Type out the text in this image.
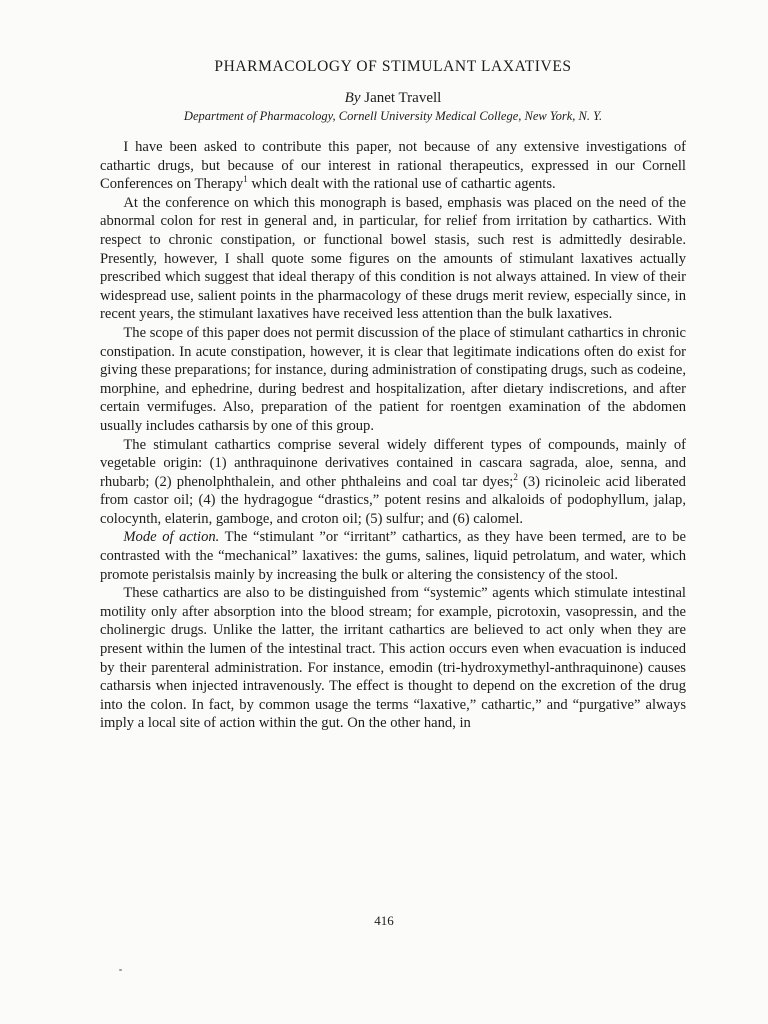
PHARMACOLOGY OF STIMULANT LAXATIVES
By Janet Travell
Department of Pharmacology, Cornell University Medical College, New York, N. Y.

I have been asked to contribute this paper, not because of any extensive investigations of cathartic drugs, but because of our interest in rational therapeutics, expressed in our Cornell Conferences on Therapy$^1$ which dealt with the rational use of cathartic agents.

At the conference on which this monograph is based, emphasis was placed on the need of the abnormal colon for rest in general and, in particular, for relief from irritation by cathartics. With respect to chronic constipation, or functional bowel stasis, such rest is admittedly desirable. Presently, however, I shall quote some figures on the amounts of stimulant laxatives actually prescribed which suggest that ideal therapy of this condition is not always attained. In view of their widespread use, salient points in the pharmacology of these drugs merit review, especially since, in recent years, the stimulant laxatives have received less attention than the bulk laxatives.

The scope of this paper does not permit discussion of the place of stimulant cathartics in chronic constipation. In acute constipation, however, it is clear that legitimate indications often do exist for giving these preparations; for instance, during administration of constipating drugs, such as codeine, morphine, and ephedrine, during bedrest and hospitalization, after dietary indiscretions, and after certain vermifuges. Also, preparation of the patient for roentgen examination of the abdomen usually includes catharsis by one of this group.

The stimulant cathartics comprise several widely different types of compounds, mainly of vegetable origin: (1) anthraquinone derivatives contained in cascara sagrada, aloe, senna, and rhubarb; (2) phenolphthalein, and other phthaleins and coal tar dyes;$^2$ (3) ricinoleic acid liberated from castor oil; (4) the hydragogue “drastics,” potent resins and alkaloids of podophyllum, jalap, colocynth, elaterin, gamboge, and croton oil; (5) sulfur; and (6) calomel.

Mode of action. The “stimulant ”or “irritant” cathartics, as they have been termed, are to be contrasted with the “mechanical” laxatives: the gums, salines, liquid petrolatum, and water, which promote peristalsis mainly by increasing the bulk or altering the consistency of the stool.

These cathartics are also to be distinguished from “systemic” agents which stimulate intestinal motility only after absorption into the blood stream; for example, picrotoxin, vasopressin, and the cholinergic drugs. Unlike the latter, the irritant cathartics are believed to act only when they are present within the lumen of the intestinal tract. This action occurs even when evacuation is induced by their parenteral administration. For instance, emodin (tri-hydroxymethyl-anthraquinone) causes catharsis when injected intravenously. The effect is thought to depend on the excretion of the drug into the colon. In fact, by common usage the terms “laxative,” cathartic,” and “purgative” always imply a local site of action within the gut. On the other hand, in

416
